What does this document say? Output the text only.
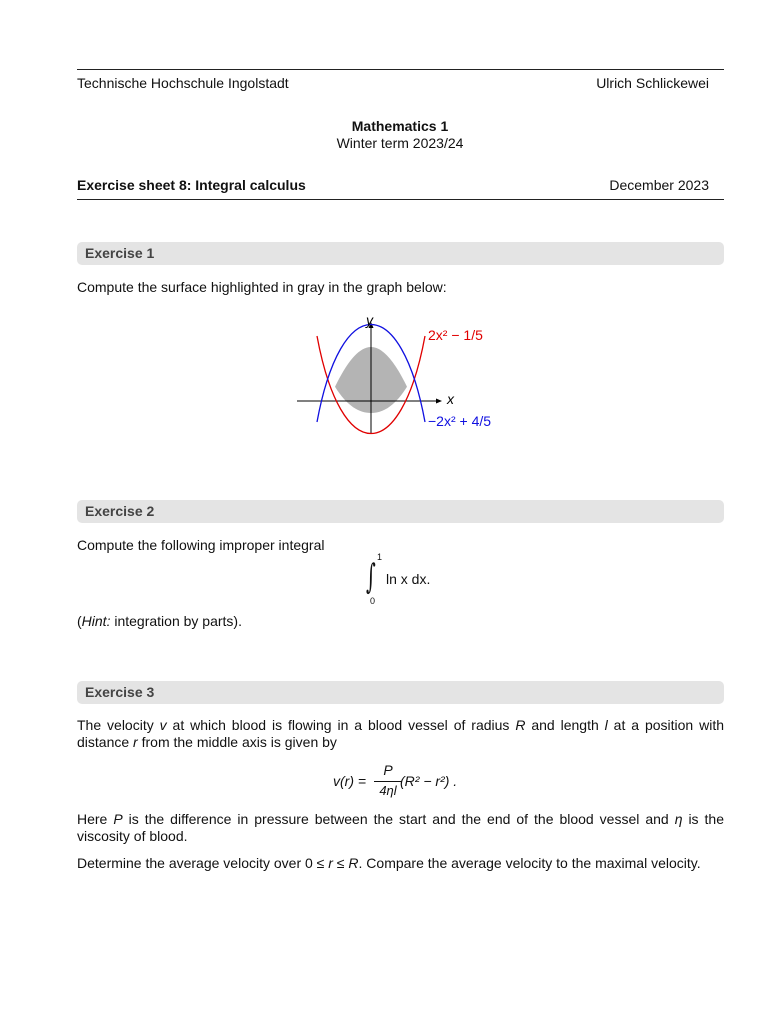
Technische Hochschule Ingolstadt	Ulrich Schlickewei
Mathematics 1
Winter term 2023/24
Exercise sheet 8: Integral calculus	December 2023
Exercise 1
Compute the surface highlighted in gray in the graph below:
y
x
2x² − 1/5
−2x² + 4/5
Exercise 2
Compute the following improper integral
1
∫
0
ln x dx.
(Hint: integration by parts).
Exercise 3
The velocity v at which blood is flowing in a blood vessel of radius R and length l at a position with distance r from the middle axis is given by
v(r) =
P
4ηl
(R² − r²) .
Here P is the difference in pressure between the start and the end of the blood vessel and η is the viscosity of blood.
Determine the average velocity over 0 ≤ r ≤ R. Compare the average velocity to the maximal velocity.
